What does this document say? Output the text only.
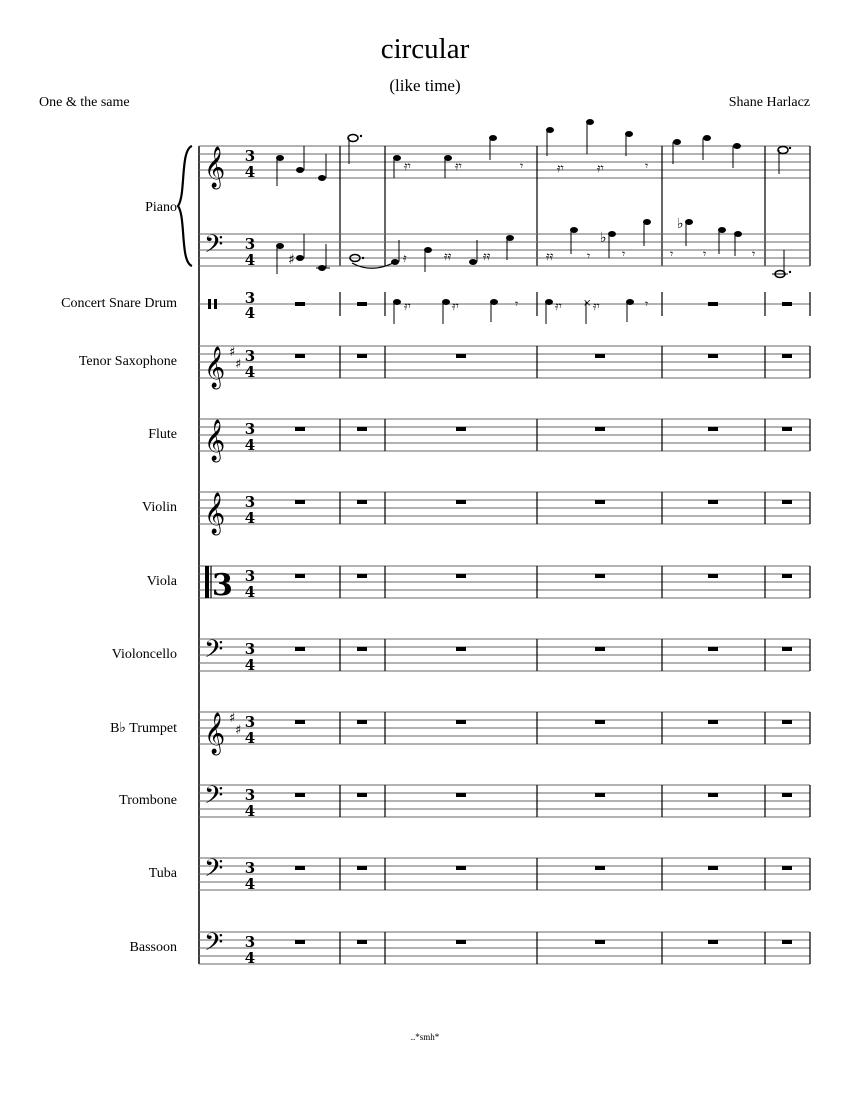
circular
(like time)
One & the same	Shane Harlacz
Piano
Concert Snare Drum
Tenor Saxophone
Flute
Violin
Viola
Violoncello
B♭ Trumpet
Trombone
Tuba
Bassoon
3
4
𝄞	𝄿𝄾	𝄿𝄾	𝄾	𝄿𝄾	𝄿𝄾	𝄾
𝄢	♯	𝄿	𝄿𝄿	𝄿𝄿	𝄿𝄿	𝄾
♭
𝄾	𝄾
♭
𝄾	𝄾
3
4	𝄿𝄾	𝄿𝄾	𝄾	𝄿𝄾 × 𝄿𝄾	𝄾
𝄞 ♯
♯
𝄞
𝄞
3
𝄢
𝄞 ♯
♯
𝄢
𝄢
𝄢
..*smh*
